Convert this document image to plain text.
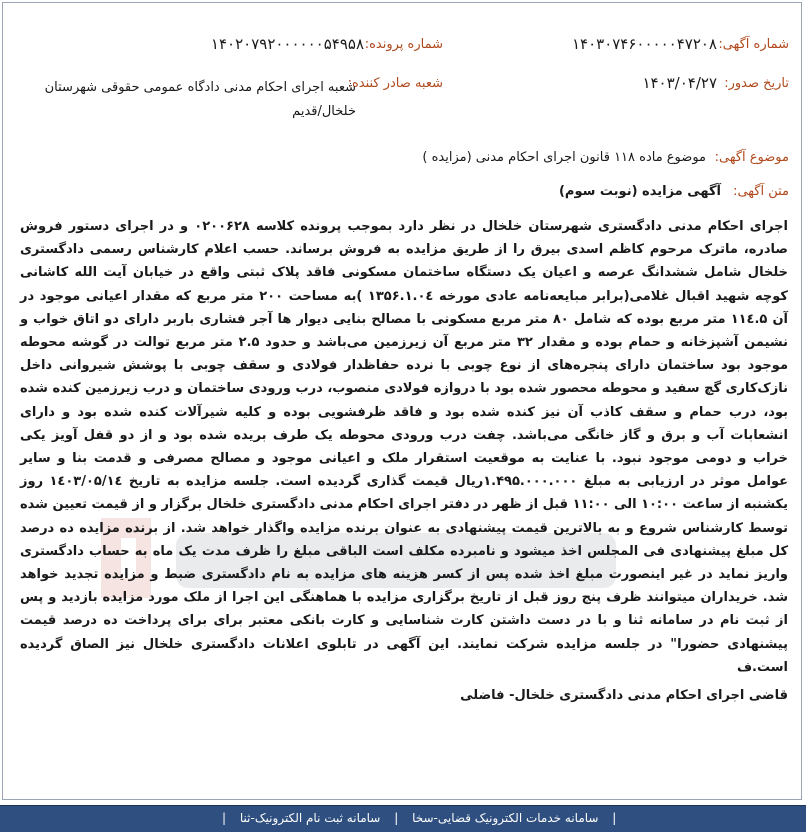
شماره آگهی:
۱۴۰۳۰۷۴۶۰۰۰۰۰۴۷۲۰۸
شماره پرونده:
۱۴۰۲۰۷۹۲۰۰۰۰۰۰۵۴۹۵۸
تاریخ صدور:
۱۴۰۳/۰۴/۲۷
شعبه صادر کننده:
شعبه اجرای احکام مدنی دادگاه عمومی حقوقی شهرستان خلخال/قدیم
موضوع آگهی:
موضوع ماده ۱۱۸ قانون اجرای احکام مدنی (مزایده )
متن آگهی:
آگهی مزایده (نوبت سوم)
اجرای احکام مدنی دادگستری شهرستان خلخال در نظر دارد بموجب پرونده کلاسه ۰۲۰۰۶۲۸ و در اجرای دستور فروش صادره، ماترک مرحوم کاظم اسدی بیرق را از طریق مزایده به فروش برساند. حسب اعلام کارشناس رسمی دادگستری خلخال شامل ششدانگ عرصه و اعیان یک دستگاه ساختمان مسکونی فاقد پلاک ثبتی واقع در خیابان آیت الله کاشانی کوچه شهید اقبال غلامی(برابر مبایعه‌نامه عادی مورخه ۱۳۵۶.۱.۰٤ )به مساحت ۲۰۰ متر مربع که مقدار اعیانی موجود در آن ۱۱٤.۵ متر مربع بوده که شامل ۸۰ متر مربع مسکونی با مصالح بنایی دیوار ها آجر فشاری باربر دارای دو اتاق خواب و نشیمن آشپزخانه و حمام بوده و مقدار ۳۲ متر مربع آن زیرزمین می‌باشد و حدود ۲.۵ متر مربع توالت در گوشه محوطه موجود بود ساختمان دارای پنجره‌های از نوع چوبی با نرده حفاظدار فولادی و سقف چوبی با پوشش شیروانی داخل نازک‌کاری گچ سفید و محوطه محصور شده بود با دروازه فولادی منصوب، درب ورودی ساختمان و درب زیرزمین کنده شده بود، درب حمام و سقف کاذب آن نیز کنده شده بود و فاقد ظرفشویی بوده و کلیه شیرآلات کنده شده بود و دارای انشعابات آب و برق و گاز خانگی می‌باشد. چفت درب ورودی محوطه یک طرف بریده شده بود و از دو قفل آویز یکی خراب و دومی موجود نبود. با عنایت به موقعیت استقرار ملک و اعیانی موجود و مصالح مصرفی و قدمت بنا و سایر عوامل موثر در ارزیابی به مبلغ ۱.۴۹۵.۰۰۰.۰۰۰ریال قیمت گذاری گردیده است. جلسه مزایده به تاریخ ۱٤۰۳/۰۵/۱٤ روز یکشنبه از ساعت ۱۰:۰۰ الی ۱۱:۰۰ قبل از ظهر در دفتر اجرای احکام مدنی دادگستری خلخال برگزار و از قیمت تعیین شده توسط کارشناس شروع و به بالاترین قیمت پیشنهادی به عنوان برنده مزایده واگذار خواهد شد. از برنده مزایده ده درصد کل مبلغ پیشنهادی فی المجلس اخذ میشود و نامبرده مکلف است الباقی مبلغ را ظرف مدت یک ماه به حساب دادگستری واریز نماید در غیر اینصورت مبلغ اخذ شده پس از کسر هزینه های مزایده به نام دادگستری ضبط و مزایده تجدید خواهد شد. خریداران میتوانند ظرف پنج روز قبل از تاریخ برگزاری مزایده با هماهنگی این اجرا از ملک مورد مزایده بازدید و پس از ثبت نام در سامانه ثنا و با در دست داشتن کارت شناسایی و کارت بانکی معتبر برای برای پرداخت ده درصد قیمت پیشنهادی حضورا" در جلسه مزایده شرکت نمایند. این آگهی در تابلوی اعلانات دادگستری خلخال نیز الصاق گردیده است.ف
قاضی اجرای احکام مدنی دادگستری خلخال- فاضلی
| سامانه خدمات الکترونیک قضایی-سخا | سامانه ثبت نام الکترونیک-ثنا |
